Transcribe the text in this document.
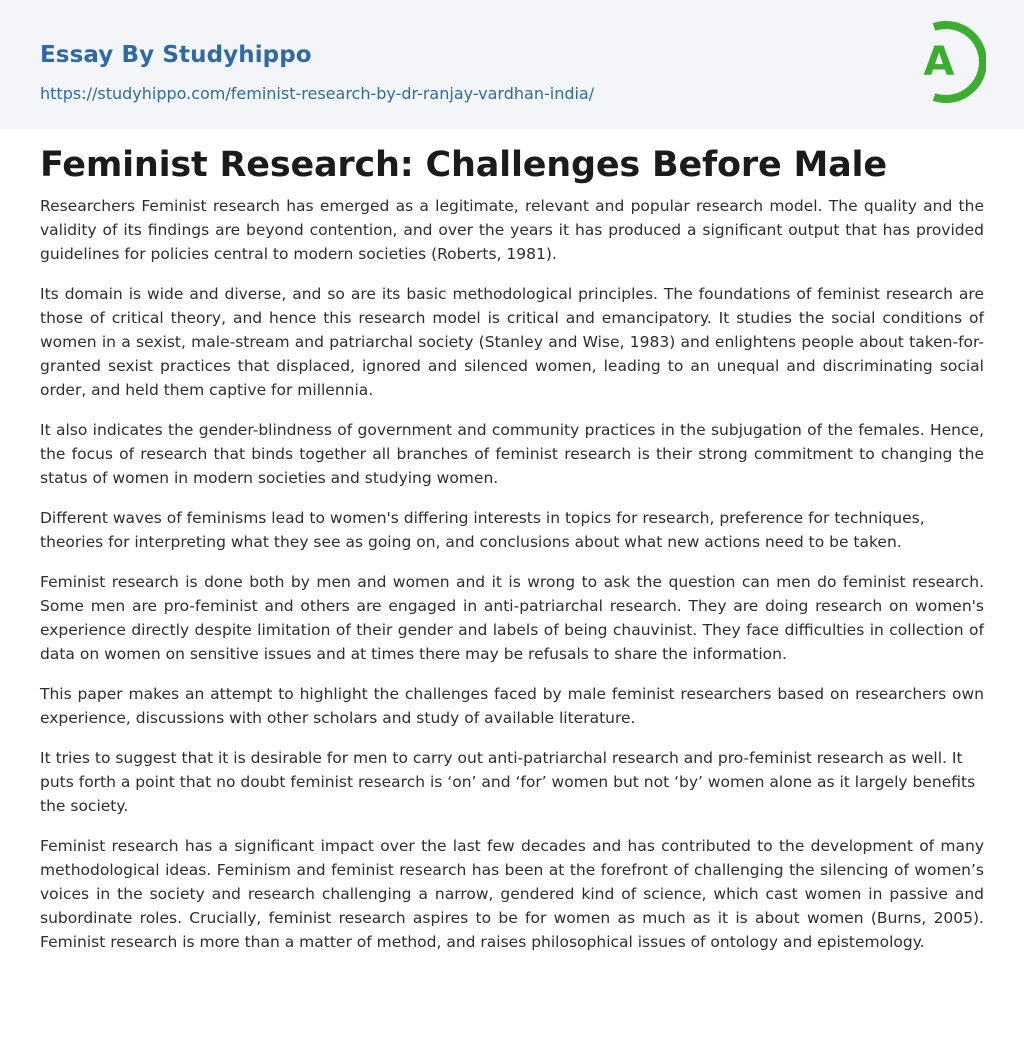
Essay By Studyhippo
https://studyhippo.com/feminist-research-by-dr-ranjay-vardhan-india/
A
Feminist Research: Challenges Before Male

Researchers Feminist research has emerged as a legitimate, relevant and popular research model. The quality and the validity of its findings are beyond contention, and over the years it has produced a significant output that has provided guidelines for policies central to modern societies (Roberts, 1981).

Its domain is wide and diverse, and so are its basic methodological principles. The foundations of feminist research are those of critical theory, and hence this research model is critical and emancipatory. It studies the social conditions of women in a sexist, male-stream and patriarchal society (Stanley and Wise, 1983) and enlightens people about taken-for-granted sexist practices that displaced, ignored and silenced women, leading to an unequal and discriminating social order, and held them captive for millennia.

It also indicates the gender-blindness of government and community practices in the subjugation of the females. Hence, the focus of research that binds together all branches of feminist research is their strong commitment to changing the status of women in modern societies and studying women.

Different waves of feminisms lead to women's differing interests in topics for research, preference for techniques, theories for interpreting what they see as going on, and conclusions about what new actions need to be taken.

Feminist research is done both by men and women and it is wrong to ask the question can men do feminist research. Some men are pro-feminist and others are engaged in anti-patriarchal research. They are doing research on women's experience directly despite limitation of their gender and labels of being chauvinist. They face difficulties in collection of data on women on sensitive issues and at times there may be refusals to share the information.

This paper makes an attempt to highlight the challenges faced by male feminist researchers based on researchers own experience, discussions with other scholars and study of available literature.

It tries to suggest that it is desirable for men to carry out anti-patriarchal research and pro-feminist research as well. It puts forth a point that no doubt feminist research is ‘on’ and ‘for’ women but not ‘by’ women alone as it largely benefits the society.

Feminist research has a significant impact over the last few decades and has contributed to the development of many methodological ideas. Feminism and feminist research has been at the forefront of challenging the silencing of women’s voices in the society and research challenging a narrow, gendered kind of science, which cast women in passive and subordinate roles. Crucially, feminist research aspires to be for women as much as it is about women (Burns, 2005). Feminist research is more than a matter of method, and raises philosophical issues of ontology and epistemology.
